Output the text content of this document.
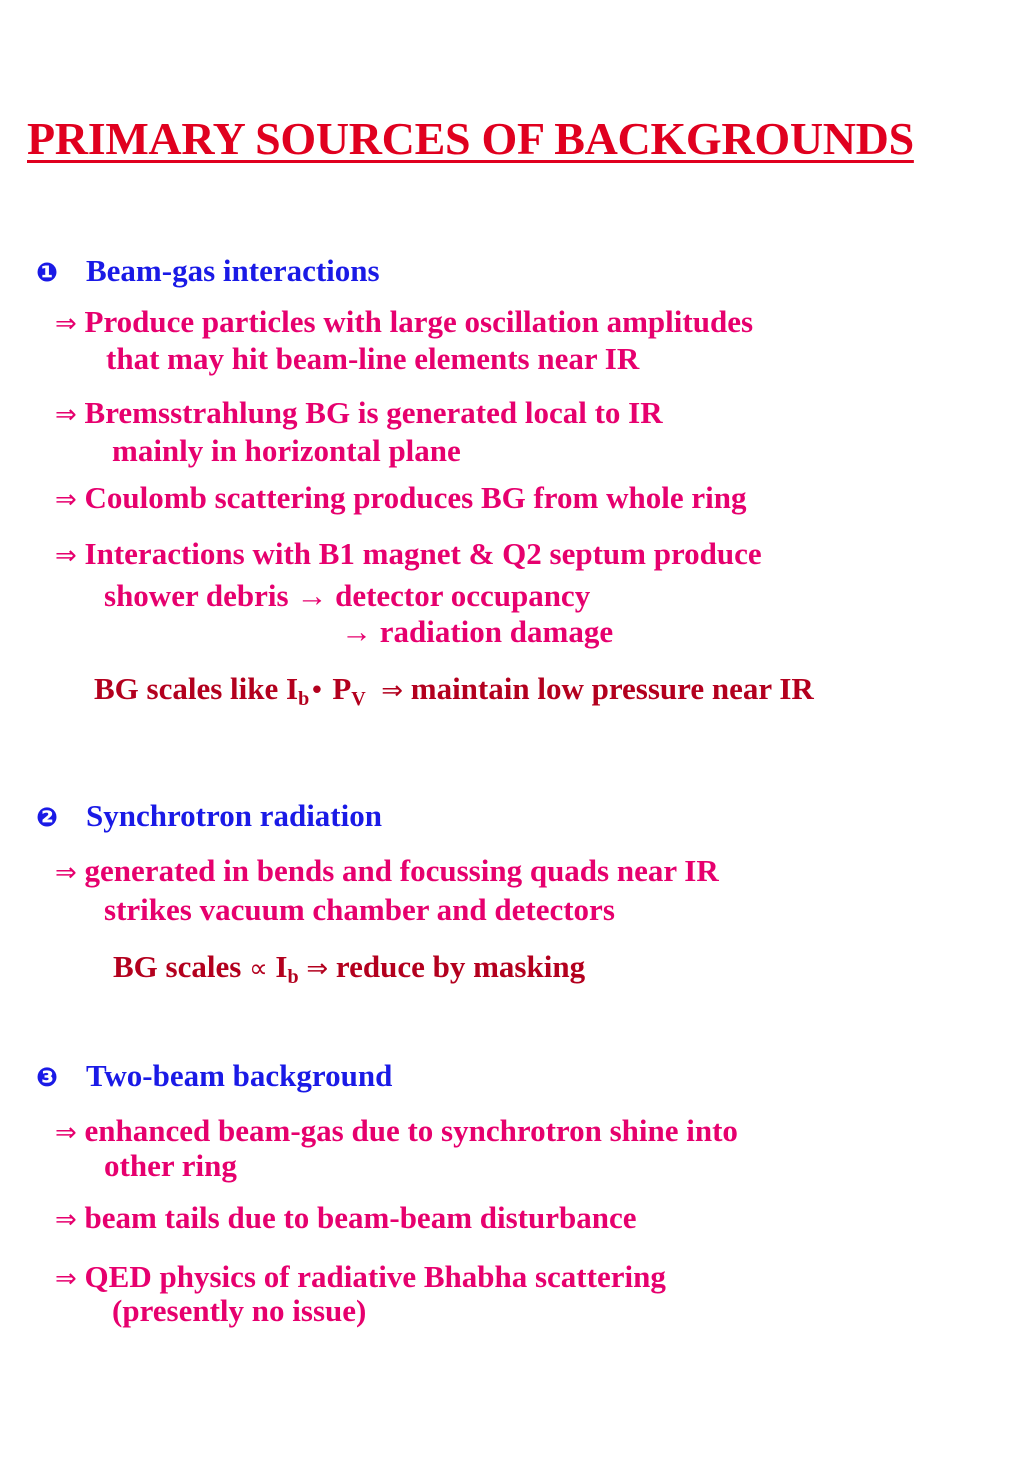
PRIMARY SOURCES OF BACKGROUNDS
❶ Beam-gas interactions
⇒ Produce particles with large oscillation amplitudes
that may hit beam-line elements near IR
⇒ Bremsstrahlung BG is generated local to IR
mainly in horizontal plane
⇒ Coulomb scattering produces BG from whole ring
⇒ Interactions with B1 magnet & Q2 septum produce
shower debris → detector occupancy
→ radiation damage
BG scales like $I_b•$ $P_V$ ⇒ maintain low pressure near IR
❷ Synchrotron radiation
⇒ generated in bends and focussing quads near IR
strikes vacuum chamber and detectors
BG scales ∝ $I_b$ ⇒ reduce by masking
❸ Two-beam background
⇒ enhanced beam-gas due to synchrotron shine into
other ring
⇒ beam tails due to beam-beam disturbance
⇒ QED physics of radiative Bhabha scattering
(presently no issue)
